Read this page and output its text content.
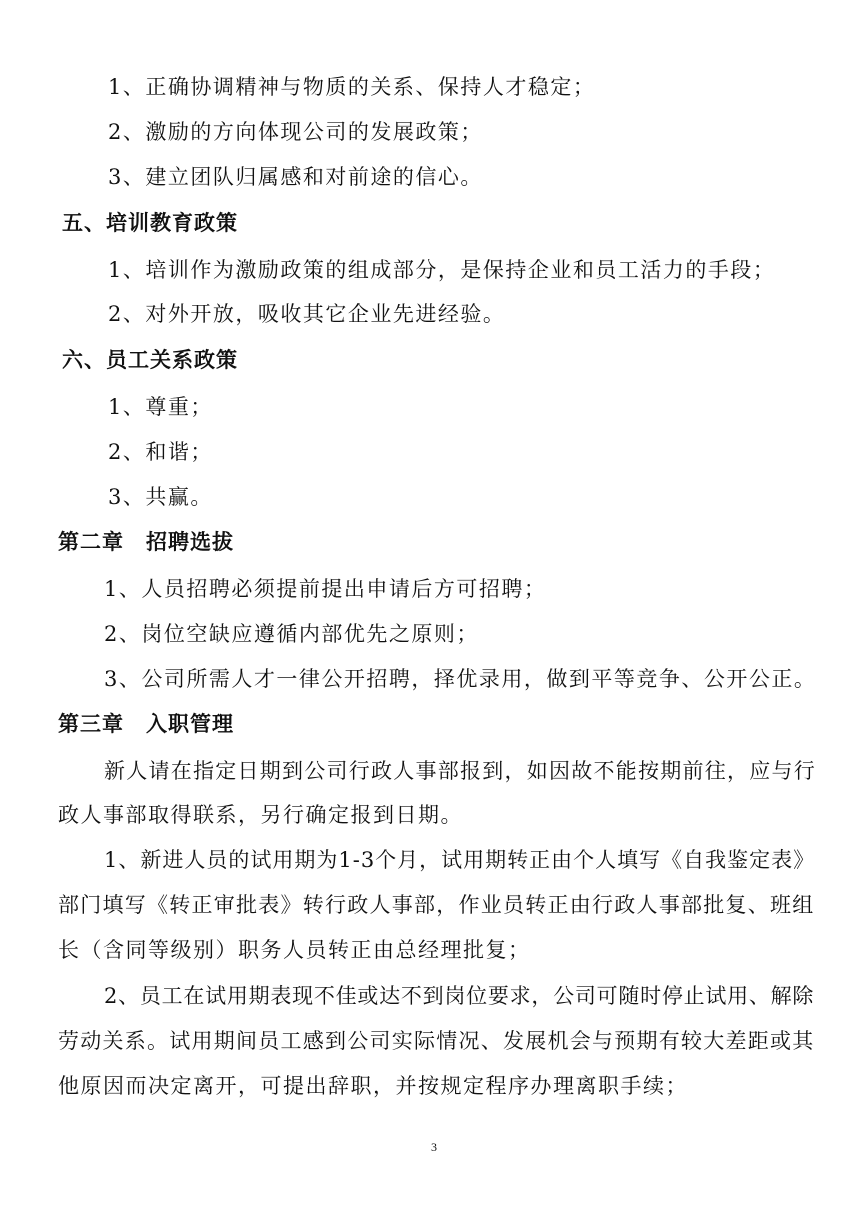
1、正确协调精神与物质的关系、保持人才稳定；
2、激励的方向体现公司的发展政策；
3、建立团队归属感和对前途的信心。
五、培训教育政策
1、培训作为激励政策的组成部分，是保持企业和员工活力的手段；
2、对外开放，吸收其它企业先进经验。
六、员工关系政策
1、尊重；
2、和谐；
3、共赢。
第二章　招聘选拔
1、人员招聘必须提前提出申请后方可招聘；
2、岗位空缺应遵循内部优先之原则；
3、公司所需人才一律公开招聘，择优录用，做到平等竞争、公开公正。
第三章　入职管理
新人请在指定日期到公司行政人事部报到，如因故不能按期前往，应与行
政人事部取得联系，另行确定报到日期。
1、新进人员的试用期为1-3个月，试用期转正由个人填写《自我鉴定表》
部门填写《转正审批表》转行政人事部，作业员转正由行政人事部批复、班组
长（含同等级别）职务人员转正由总经理批复；
2、员工在试用期表现不佳或达不到岗位要求，公司可随时停止试用、解除
劳动关系。试用期间员工感到公司实际情况、发展机会与预期有较大差距或其
他原因而决定离开，可提出辞职，并按规定程序办理离职手续；
3
